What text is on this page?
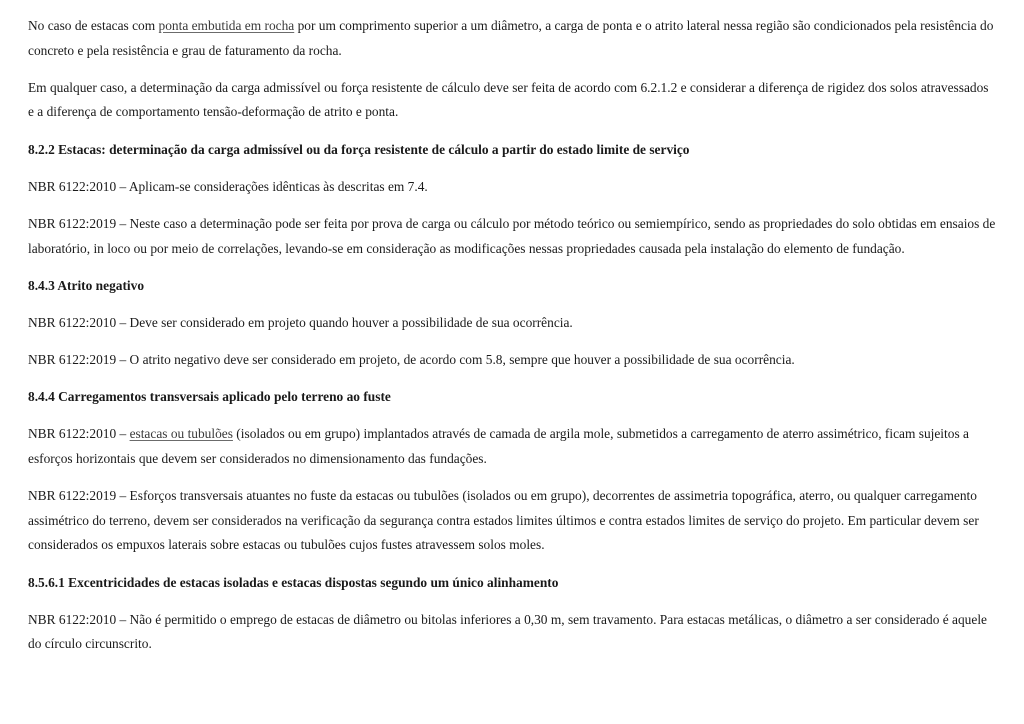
No caso de estacas com ponta embutida em rocha por um comprimento superior a um diâmetro, a carga de ponta e o atrito lateral nessa região são condicionados pela resistência do concreto e pela resistência e grau de faturamento da rocha.

Em qualquer caso, a determinação da carga admissível ou força resistente de cálculo deve ser feita de acordo com 6.2.1.2 e considerar a diferença de rigidez dos solos atravessados e a diferença de comportamento tensão-deformação de atrito e ponta.

8.2.2 Estacas: determinação da carga admissível ou da força resistente de cálculo a partir do estado limite de serviço

NBR 6122:2010 – Aplicam-se considerações idênticas às descritas em 7.4.

NBR 6122:2019 – Neste caso a determinação pode ser feita por prova de carga ou cálculo por método teórico ou semiempírico, sendo as propriedades do solo obtidas em ensaios de laboratório, in loco ou por meio de correlações, levando-se em consideração as modificações nessas propriedades causada pela instalação do elemento de fundação.

8.4.3 Atrito negativo

NBR 6122:2010 – Deve ser considerado em projeto quando houver a possibilidade de sua ocorrência.

NBR 6122:2019 – O atrito negativo deve ser considerado em projeto, de acordo com 5.8, sempre que houver a possibilidade de sua ocorrência.

8.4.4 Carregamentos transversais aplicado pelo terreno ao fuste

NBR 6122:2010 – estacas ou tubulões (isolados ou em grupo) implantados através de camada de argila mole, submetidos a carregamento de aterro assimétrico, ficam sujeitos a esforços horizontais que devem ser considerados no dimensionamento das fundações.

NBR 6122:2019 – Esforços transversais atuantes no fuste da estacas ou tubulões (isolados ou em grupo), decorrentes de assimetria topográfica, aterro, ou qualquer carregamento assimétrico do terreno, devem ser considerados na verificação da segurança contra estados limites últimos e contra estados limites de serviço do projeto. Em particular devem ser considerados os empuxos laterais sobre estacas ou tubulões cujos fustes atravessem solos moles.

8.5.6.1 Excentricidades de estacas isoladas e estacas dispostas segundo um único alinhamento

NBR 6122:2010 – Não é permitido o emprego de estacas de diâmetro ou bitolas inferiores a 0,30 m, sem travamento. Para estacas metálicas, o diâmetro a ser considerado é aquele do círculo circunscrito.
